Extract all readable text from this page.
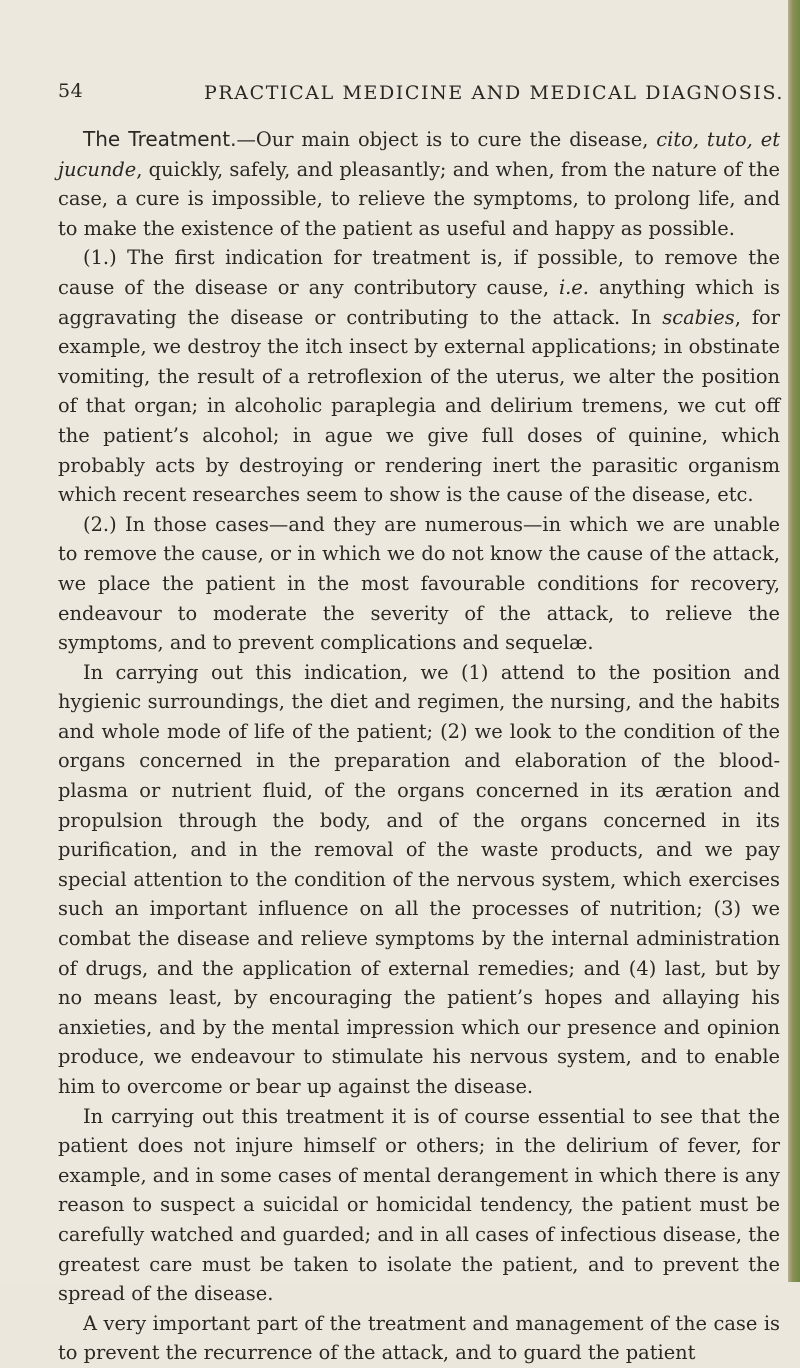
54	PRACTICAL MEDICINE AND MEDICAL DIAGNOSIS.

The Treatment.—Our main object is to cure the disease, cito, tuto, et jucunde, quickly, safely, and pleasantly; and when, from the nature of the case, a cure is impossible, to relieve the symptoms, to prolong life, and to make the existence of the patient as useful and happy as possible.

(1.) The first indication for treatment is, if possible, to remove the cause of the disease or any contributory cause, i.e. anything which is aggravating the disease or contributing to the attack. In scabies, for example, we destroy the itch insect by external applications; in obstinate vomiting, the result of a retroflexion of the uterus, we alter the position of that organ; in alcoholic paraplegia and delirium tremens, we cut off the patient’s alcohol; in ague we give full doses of quinine, which probably acts by destroying or rendering inert the parasitic organism which recent researches seem to show is the cause of the disease, etc.

(2.) In those cases—and they are numerous—in which we are unable to remove the cause, or in which we do not know the cause of the attack, we place the patient in the most favourable conditions for recovery, endeavour to moderate the severity of the attack, to relieve the symptoms, and to prevent complications and sequelæ.

In carrying out this indication, we (1) attend to the position and hygienic surroundings, the diet and regimen, the nursing, and the habits and whole mode of life of the patient; (2) we look to the condition of the organs concerned in the preparation and elaboration of the blood-plasma or nutrient fluid, of the organs concerned in its æration and propulsion through the body, and of the organs concerned in its purification, and in the removal of the waste products, and we pay special attention to the condition of the nervous system, which exercises such an important influence on all the processes of nutrition; (3) we combat the disease and relieve symptoms by the internal administration of drugs, and the application of external remedies; and (4) last, but by no means least, by encouraging the patient’s hopes and allaying his anxieties, and by the mental impression which our presence and opinion produce, we endeavour to stimulate his nervous system, and to enable him to overcome or bear up against the disease.

In carrying out this treatment it is of course essential to see that the patient does not injure himself or others; in the delirium of fever, for example, and in some cases of mental derangement in which there is any reason to suspect a suicidal or homicidal tendency, the patient must be carefully watched and guarded; and in all cases of infectious disease, the greatest care must be taken to isolate the patient, and to prevent the spread of the disease.

A very important part of the treatment and management of the case is to prevent the recurrence of the attack, and to guard the patient
